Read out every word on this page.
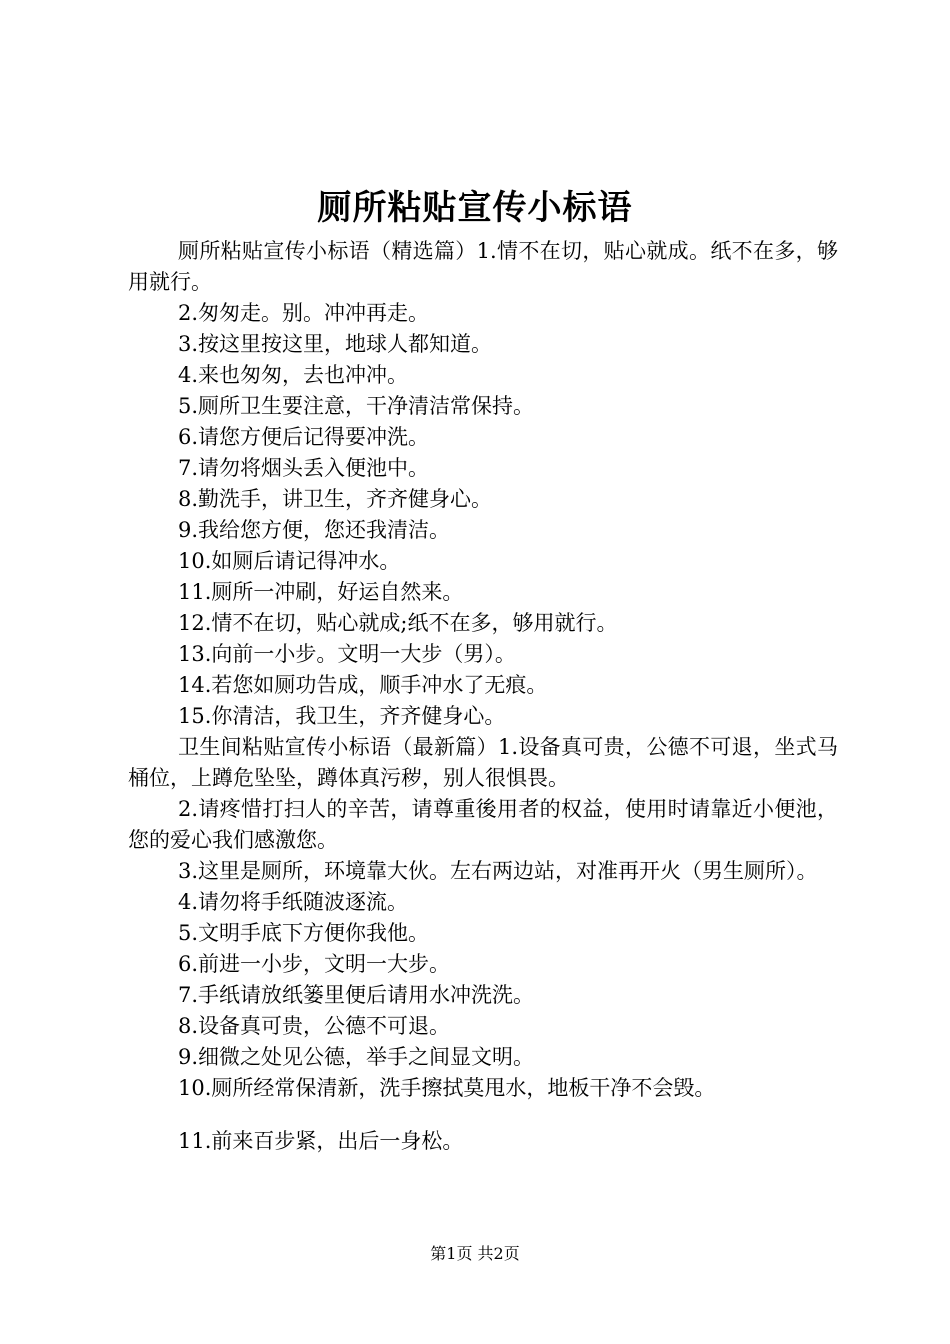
厕所粘贴宣传小标语

厕所粘贴宣传小标语（精选篇）1.情不在切，贴心就成。纸不在多，够用就行。

2.匆匆走。别。冲冲再走。

3.按这里按这里，地球人都知道。

4.来也匆匆，去也冲冲。

5.厕所卫生要注意，干净清洁常保持。

6.请您方便后记得要冲洗。

7.请勿将烟头丢入便池中。

8.勤洗手，讲卫生，齐齐健身心。

9.我给您方便，您还我清洁。

10.如厕后请记得冲水。

11.厕所一冲刷，好运自然来。

12.情不在切，贴心就成;纸不在多，够用就行。

13.向前一小步。文明一大步（男）。

14.若您如厕功告成，顺手冲水了无痕。

15.你清洁，我卫生，齐齐健身心。

卫生间粘贴宣传小标语（最新篇）1.设备真可贵，公德不可退，坐式马桶位，上蹲危坠坠，蹲体真污秽，别人很惧畏。

2.请疼惜打扫人的辛苦，请尊重後用者的权益，使用时请靠近小便池，您的爱心我们感激您。

3.这里是厕所，环境靠大伙。左右两边站，对准再开火（男生厕所）。

4.请勿将手纸随波逐流。

5.文明手底下方便你我他。

6.前进一小步，文明一大步。

7.手纸请放纸篓里便后请用水冲洗洗。

8.设备真可贵，公德不可退。

9.细微之处见公德，举手之间显文明。

10.厕所经常保清新，洗手擦拭莫甩水，地板干净不会毁。

11.前来百步紧，出后一身松。

第1页 共2页
